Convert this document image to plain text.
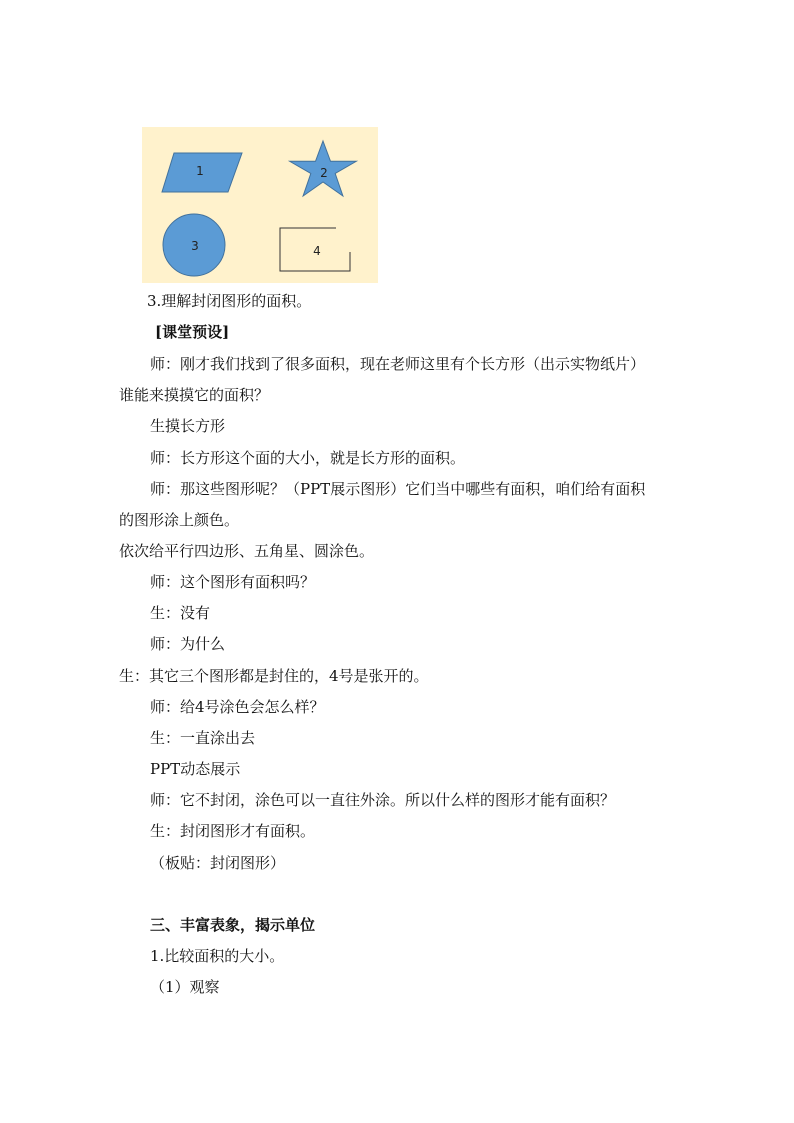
1	2
3	4
3.理解封闭图形的面积。
[课堂预设]
师：刚才我们找到了很多面积，现在老师这里有个长方形（出示实物纸片）
谁能来摸摸它的面积？
生摸长方形
师：长方形这个面的大小，就是长方形的面积。
师：那这些图形呢？（PPT展示图形）它们当中哪些有面积，咱们给有面积
的图形涂上颜色。
依次给平行四边形、五角星、圆涂色。
师：这个图形有面积吗？
生：没有
师：为什么
生：其它三个图形都是封住的，4号是张开的。
师：给4号涂色会怎么样？
生：一直涂出去
PPT动态展示
师：它不封闭，涂色可以一直往外涂。所以什么样的图形才能有面积？
生：封闭图形才有面积。
（板贴：封闭图形）
三、丰富表象，揭示单位
1.比较面积的大小。
（1）观察
